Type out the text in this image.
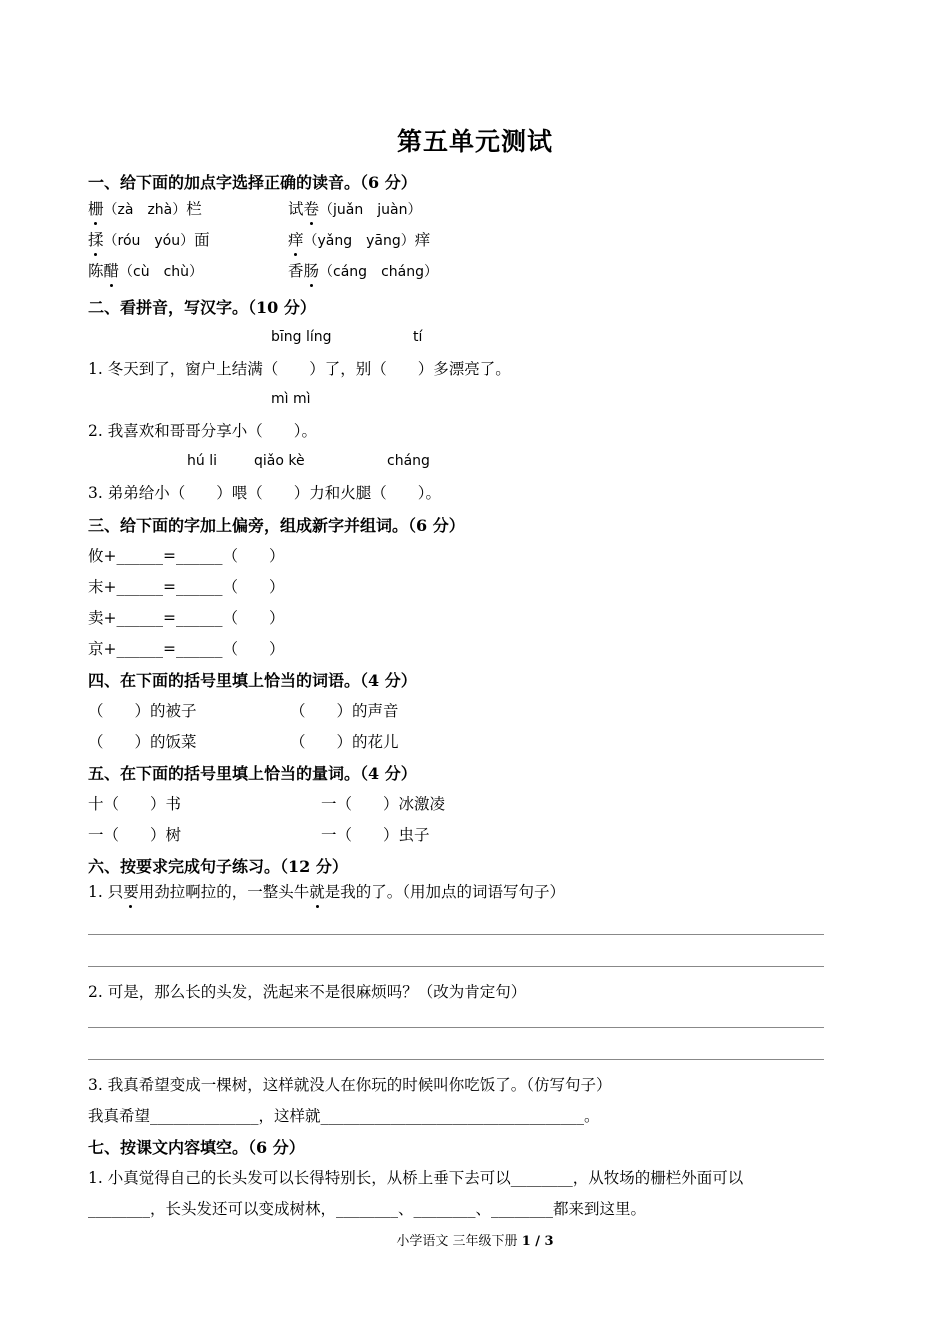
第五单元测试
一、给下面的加点字选择正确的读音。（6 分）
栅（zà　zhà）栏	试卷（juǎn　juàn）
揉（róu　yóu）面	痒（yǎng　yāng）痒
陈醋（cù　chù）	香肠（cáng　cháng）
二、看拼音，写汉字。（10 分）
bīng líng	tí
1. 冬天到了，窗户上结满（　　）了，别（　　）多漂亮了。
mì mì
2. 我喜欢和哥哥分享小（　　）。
hú li	qiǎo kè	cháng
3. 弟弟给小（　　）喂（　　）力和火腿（　　）。
三、给下面的字加上偏旁，组成新字并组词。（6 分）
攸+______=______（　　）
末+______=______（　　）
卖+______=______（　　）
京+______=______（　　）
四、在下面的括号里填上恰当的词语。（4 分）
（　　）的被子	（　　）的声音
（　　）的饭菜	（　　）的花儿
五、在下面的括号里填上恰当的量词。（4 分）
十（　　）书	一（　　）冰激凌
一（　　）树	一（　　）虫子
六、按要求完成句子练习。（12 分）
1. 只要用劲拉啊拉的，一整头牛就是我的了。（用加点的词语写句子）
2. 可是，那么长的头发，洗起来不是很麻烦吗？（改为肯定句）
3. 我真希望变成一棵树，这样就没人在你玩的时候叫你吃饭了。（仿写句子）
我真希望______________，这样就__________________________________。
七、按课文内容填空。（6 分）
1. 小真觉得自己的长头发可以长得特别长，从桥上垂下去可以________，从牧场的栅栏外面可以
________，长头发还可以变成树林，________、________、________都来到这里。
小学语文 三年级下册 1 / 3
